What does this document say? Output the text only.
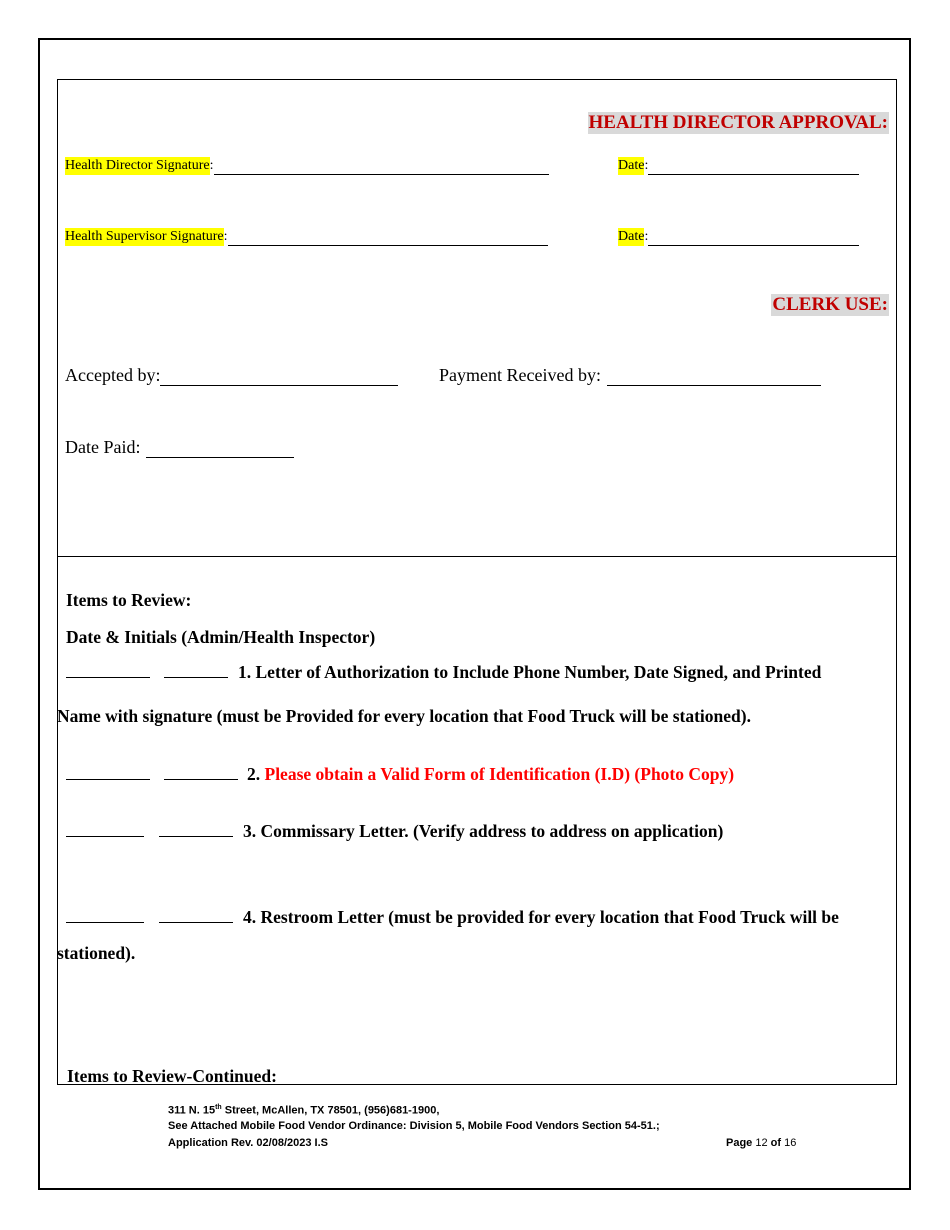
HEALTH DIRECTOR APPROVAL:
Health Director Signature :	Date :
Health Supervisor Signature :	Date :
CLERK USE:
Accepted by:	Payment Received by:
Date Paid:
Items to Review:
Date & Initials (Admin/Health Inspector)
1. Letter of Authorization to Include Phone Number, Date Signed, and Printed
Name with signature (must be Provided for every location that Food Truck will be stationed).
2. Please obtain a Valid Form of Identification (I.D) (Photo Copy)
3. Commissary Letter. (Verify address to address on application)
4. Restroom Letter (must be provided for every location that Food Truck will be
stationed).
Items to Review-Continued:
311 N. 15th Street, McAllen, TX 78501, (956)681-1900,
See Attached Mobile Food Vendor Ordinance: Division 5, Mobile Food Vendors Section 54-51.;
Application Rev. 02/08/2023 I.S	Page 12 of 16
